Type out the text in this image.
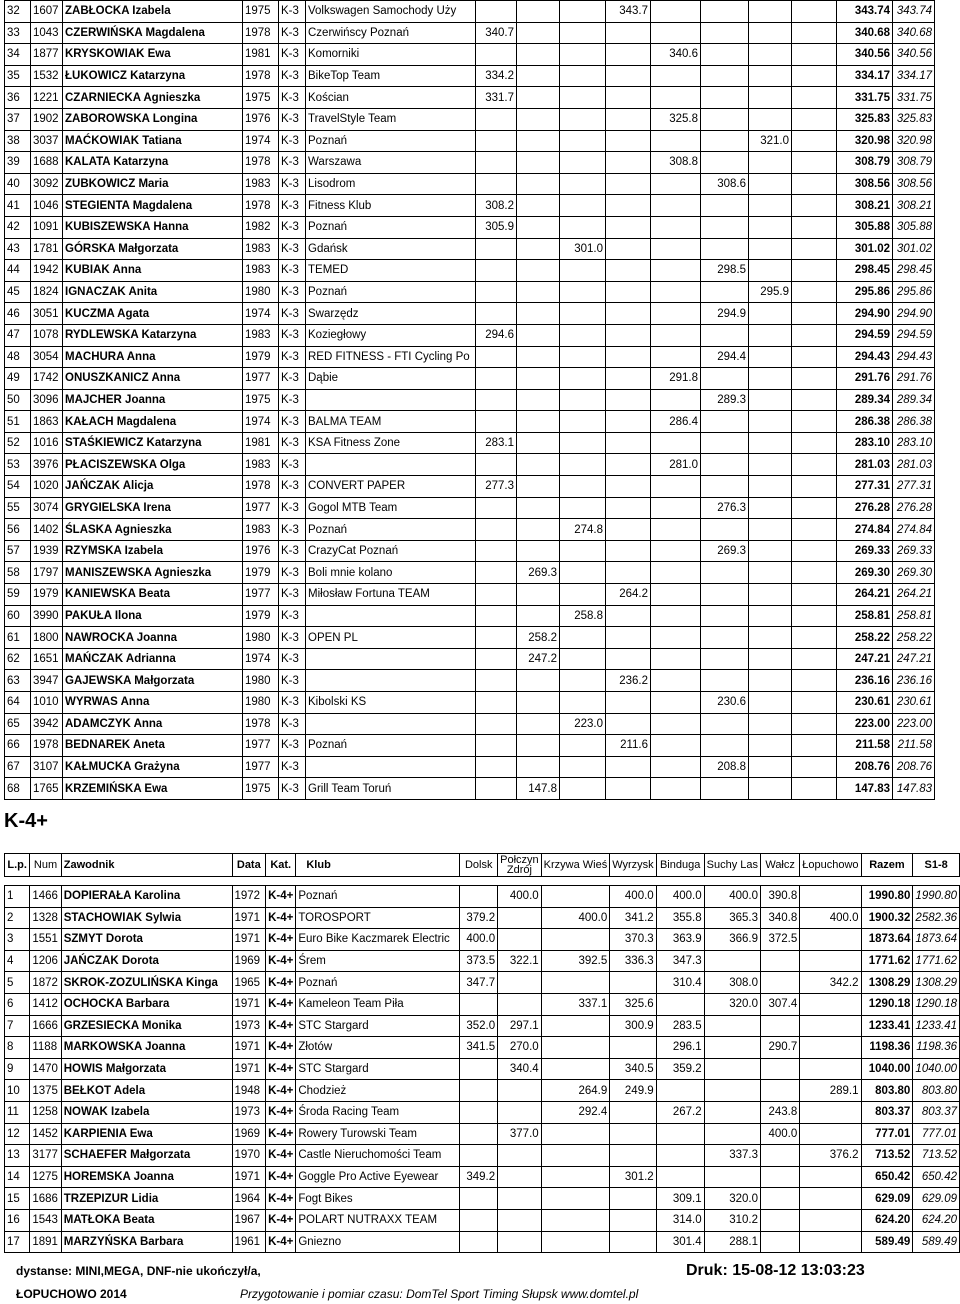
32	1607	ZABŁOCKA Izabela	1975	K-3	Volkswagen Samochody Uży				343.7					343.74	343.74
33	1043	CZERWIŃSKA Magdalena	1978	K-3	Czerwińscy Poznań	340.7								340.68	340.68
34	1877	KRYSKOWIAK Ewa	1981	K-3	Komorniki					340.6				340.56	340.56
35	1532	ŁUKOWICZ Katarzyna	1978	K-3	BikeTop Team	334.2								334.17	334.17
36	1221	CZARNIECKA Agnieszka	1975	K-3	Kościan	331.7								331.75	331.75
37	1902	ZABOROWSKA Longina	1976	K-3	TravelStyle Team					325.8				325.83	325.83
38	3037	MAĆKOWIAK Tatiana	1974	K-3	Poznań							321.0		320.98	320.98
39	1688	KALATA Katarzyna	1978	K-3	Warszawa					308.8				308.79	308.79
40	3092	ZUBKOWICZ Maria	1983	K-3	Lisodrom						308.6			308.56	308.56
41	1046	STEGIENTA Magdalena	1978	K-3	Fitness Klub	308.2								308.21	308.21
42	1091	KUBISZEWSKA Hanna	1982	K-3	Poznań	305.9								305.88	305.88
43	1781	GÓRSKA Małgorzata	1983	K-3	Gdańsk			301.0						301.02	301.02
44	1942	KUBIAK Anna	1983	K-3	TEMED						298.5			298.45	298.45
45	1824	IGNACZAK Anita	1980	K-3	Poznań							295.9		295.86	295.86
46	3051	KUCZMA Agata	1974	K-3	Swarzędz						294.9			294.90	294.90
47	1078	RYDLEWSKA Katarzyna	1983	K-3	Koziegłowy	294.6								294.59	294.59
48	3054	MACHURA Anna	1979	K-3	RED FITNESS - FTI Cycling Po						294.4			294.43	294.43
49	1742	ONUSZKANICZ Anna	1977	K-3	Dąbie					291.8				291.76	291.76
50	3096	MAJCHER Joanna	1975	K-3							289.3			289.34	289.34
51	1863	KAŁACH Magdalena	1974	K-3	BALMA TEAM					286.4				286.38	286.38
52	1016	STAŚKIEWICZ Katarzyna	1981	K-3	KSA Fitness Zone	283.1								283.10	283.10
53	3976	PŁACISZEWSKA Olga	1983	K-3						281.0				281.03	281.03
54	1020	JAŃCZAK Alicja	1978	K-3	CONVERT PAPER	277.3								277.31	277.31
55	3074	GRYGIELSKA Irena	1977	K-3	Gogol MTB Team						276.3			276.28	276.28
56	1402	ŚLASKA Agnieszka	1983	K-3	Poznań			274.8						274.84	274.84
57	1939	RZYMSKA Izabela	1976	K-3	CrazyCat Poznań						269.3			269.33	269.33
58	1797	MANISZEWSKA Agnieszka	1979	K-3	Boli mnie kolano		269.3							269.30	269.30
59	1979	KANIEWSKA Beata	1977	K-3	Miłosław Fortuna TEAM				264.2					264.21	264.21
60	3990	PAKUŁA Ilona	1979	K-3				258.8						258.81	258.81
61	1800	NAWROCKA Joanna	1980	K-3	OPEN PL		258.2							258.22	258.22
62	1651	MAŃCZAK Adrianna	1974	K-3			247.2							247.21	247.21
63	3947	GAJEWSKA Małgorzata	1980	K-3					236.2					236.16	236.16
64	1010	WYRWAS Anna	1980	K-3	Kibolski KS						230.6			230.61	230.61
65	3942	ADAMCZYK Anna	1978	K-3				223.0						223.00	223.00
66	1978	BEDNAREK Aneta	1977	K-3	Poznań				211.6					211.58	211.58
67	3107	KAŁMUCKA Grażyna	1977	K-3							208.8			208.76	208.76
68	1765	KRZEMIŃSKA Ewa	1975	K-3	Grill Team Toruń		147.8							147.83	147.83
K-4+
L.p.	Num	Zawodnik	Data	Kat.	Klub	Dolsk	Połczyn Zdrój	Krzywa Wieś	Wyrzysk	Binduga	Suchy Las	Wałcz	Łopuchowo	Razem	S1-8

1	1466	DOPIERAŁA Karolina	1972	K-4+	Poznań		400.0		400.0	400.0	400.0	390.8		1990.80	1990.80
2	1328	STACHOWIAK Sylwia	1971	K-4+	TOROSPORT	379.2		400.0	341.2	355.8	365.3	340.8	400.0	1900.32	2582.36
3	1551	SZMYT Dorota	1971	K-4+	Euro Bike Kaczmarek Electric	400.0			370.3	363.9	366.9	372.5		1873.64	1873.64
4	1206	JAŃCZAK Dorota	1969	K-4+	Śrem	373.5	322.1	392.5	336.3	347.3				1771.62	1771.62
5	1872	SKROK-ZOZULIŃSKA Kinga	1965	K-4+	Poznań	347.7				310.4	308.0		342.2	1308.29	1308.29
6	1412	OCHOCKA Barbara	1971	K-4+	Kameleon Team Piła			337.1	325.6		320.0	307.4		1290.18	1290.18
7	1666	GRZESIECKA Monika	1973	K-4+	STC Stargard	352.0	297.1		300.9	283.5				1233.41	1233.41
8	1188	MARKOWSKA Joanna	1971	K-4+	Złotów	341.5	270.0			296.1		290.7		1198.36	1198.36
9	1470	HOWIS Małgorzata	1971	K-4+	STC Stargard		340.4		340.5	359.2				1040.00	1040.00
10	1375	BEŁKOT Adela	1948	K-4+	Chodzież			264.9	249.9				289.1	803.80	803.80
11	1258	NOWAK Izabela	1973	K-4+	Środa Racing Team			292.4		267.2		243.8		803.37	803.37
12	1452	KARPIENIA Ewa	1969	K-4+	Rowery Turowski Team		377.0					400.0		777.01	777.01
13	3177	SCHAEFER Małgorzata	1970	K-4+	Castle Nieruchomości Team						337.3		376.2	713.52	713.52
14	1275	HOREMSKA Joanna	1971	K-4+	Goggle Pro Active Eyewear	349.2			301.2					650.42	650.42
15	1686	TRZEPIZUR Lidia	1964	K-4+	Fogt Bikes					309.1	320.0			629.09	629.09
16	1543	MATŁOKA Beata	1967	K-4+	POLART NUTRAXX TEAM					314.0	310.2			624.20	624.20
17	1891	MARZYŃSKA Barbara	1961	K-4+	Gniezno					301.4	288.1			589.49	589.49
dystanse: MINI,MEGA, DNF-nie ukończył/a,
ŁOPUCHOWO 2014	Przygotowanie i pomiar czasu: DomTel Sport Timing Słupsk www.domtel.pl
Druk: 15-08-12 13:03:23
